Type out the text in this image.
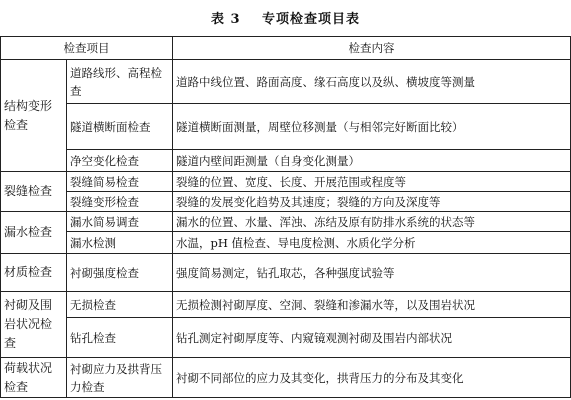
表 3 专项检查项目表
检查项目		检查内容
结构变形检查	道路线形、高程检查	道路中线位置、路面高度、缘石高度以及纵、横坡度等测量
	隧道横断面检查	隧道横断面测量，周壁位移测量（与相邻完好断面比较）
	净空变化检查	隧道内壁间距测量（自身变化测量）
裂缝检查	裂缝简易检查	裂缝的位置、宽度、长度、开展范围或程度等
	裂缝变形检查	裂缝的发展变化趋势及其速度；裂缝的方向及深度等
漏水检查	漏水简易调查	漏水的位置、水量、浑浊、冻结及原有防排水系统的状态等
	漏水检测	水温，pH 值检查、导电度检测、水质化学分析
材质检查	衬砌强度检查	强度简易测定，钻孔取芯，各种强度试验等
衬砌及围岩状况检查	无损检查	无损检测衬砌厚度、空洞、裂缝和渗漏水等，以及围岩状况
	钻孔检查	钻孔测定衬砌厚度等、内窥镜观测衬砌及围岩内部状况
荷载状况检查	衬砌应力及拱背压力检查	衬砌不同部位的应力及其变化，拱背压力的分布及其变化
